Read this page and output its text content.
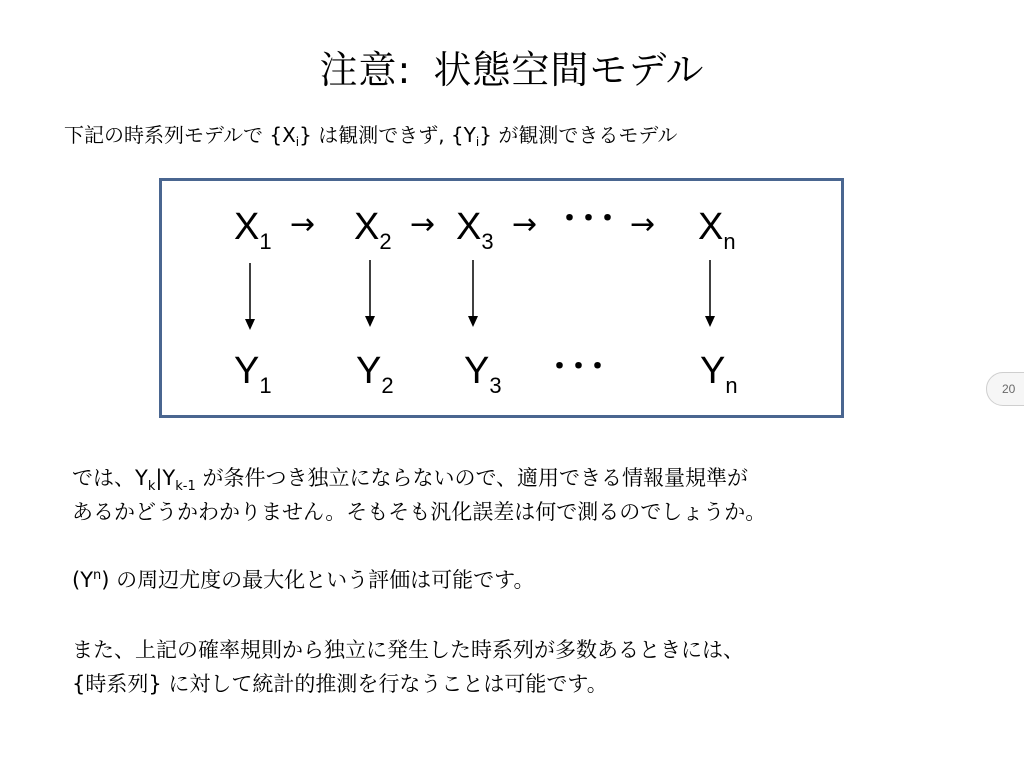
注意: 状態空間モデル
下記の時系列モデルで $\{X_i\}$ は観測できず, $\{Y_i\}$ が観測できるモデル
$X_1 \to X_2 \to X_3$ → ･･･ → $X_n$
$Y_1$ $Y_2$ $Y_3$
･･･ $Y_n$	20
では、$Y_k|Y_{k-1}$ が条件つき独立にならないので、適用できる情報量規準が
あるかどうかわかりません。そもそも汎化誤差は何で測るのでしょうか。
$(Y^n)$ の周辺尤度の最大化という評価は可能です。
また、上記の確率規則から独立に発生した時系列が多数あるときには、
{時系列} に対して統計的推測を行なうことは可能です。
